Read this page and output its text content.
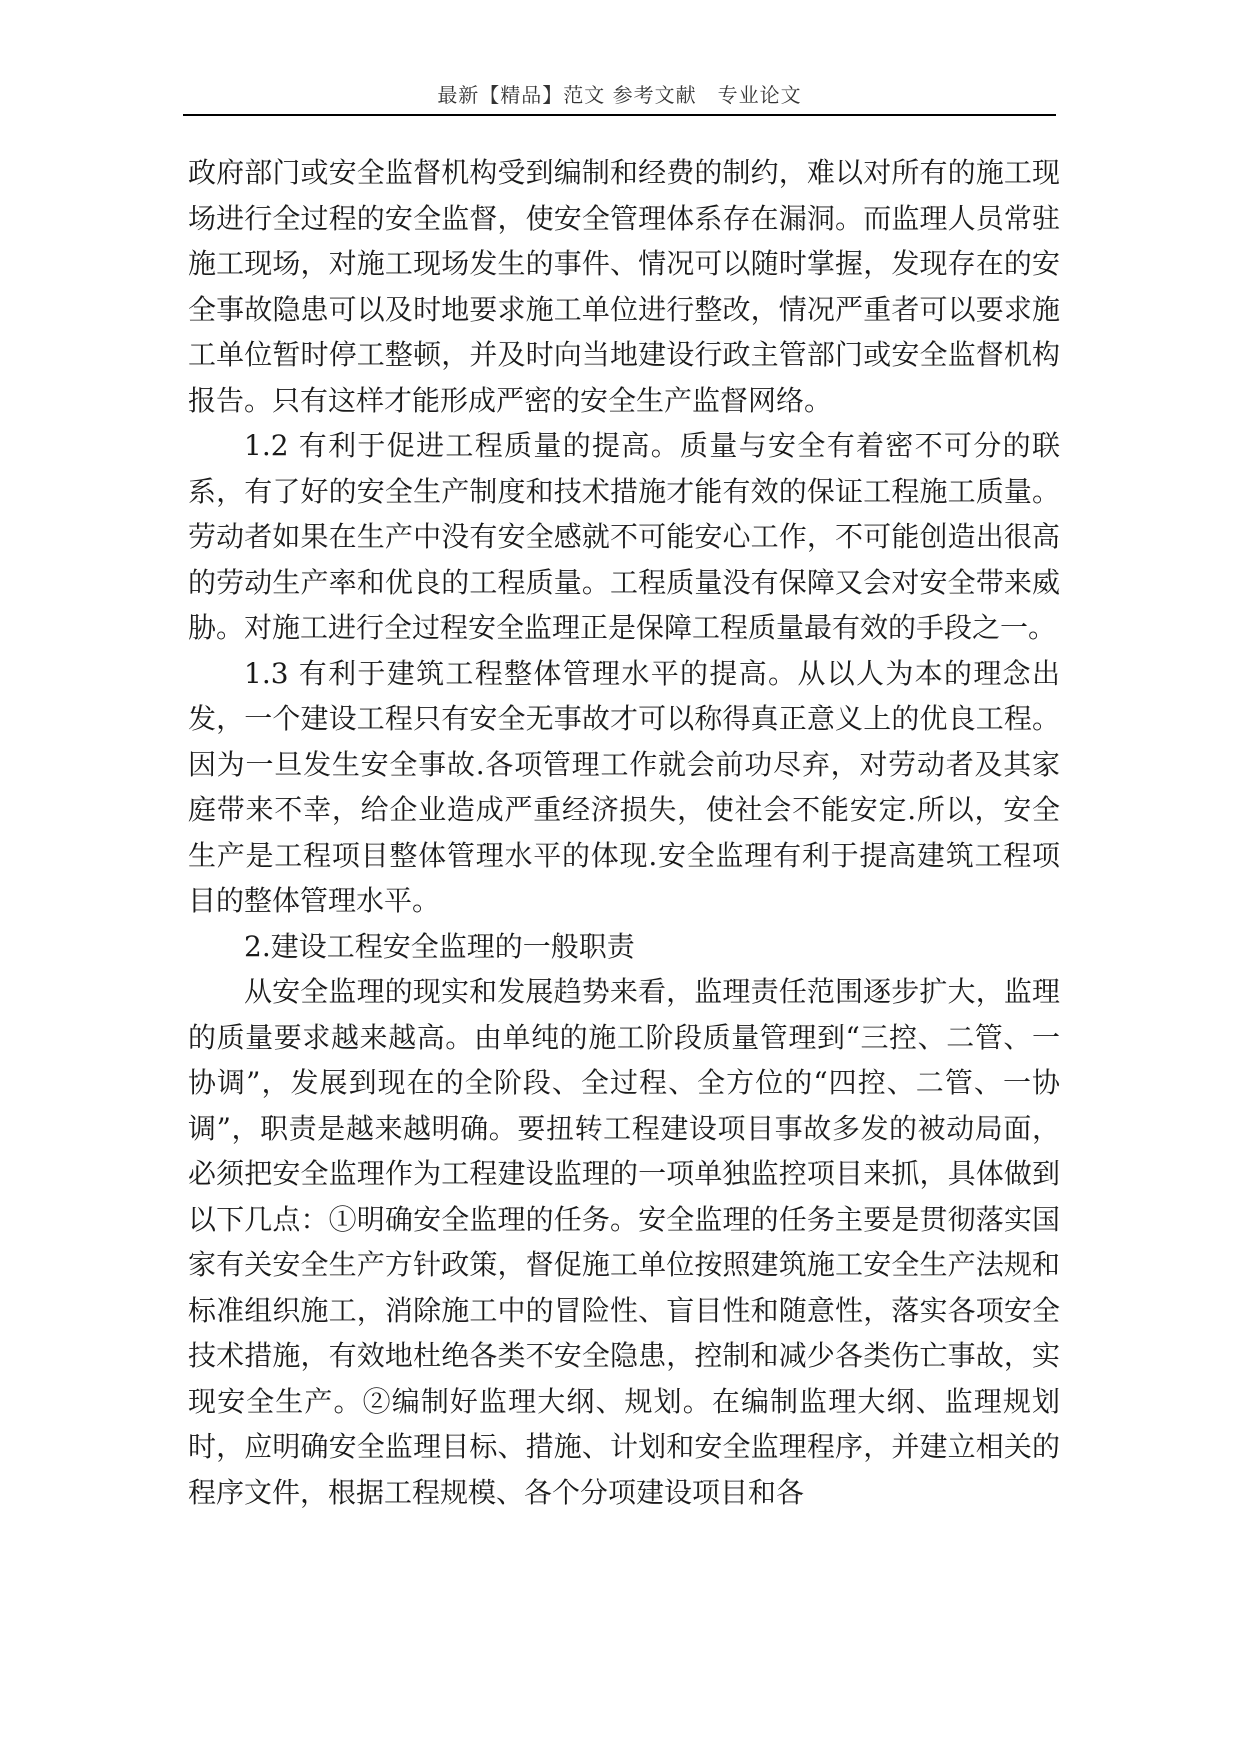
最新【精品】范文 参考文献　专业论文

政府部门或安全监督机构受到编制和经费的制约，难以对所有的施工现场进行全过程的安全监督，使安全管理体系存在漏洞。而监理人员常驻施工现场，对施工现场发生的事件、情况可以随时掌握，发现存在的安全事故隐患可以及时地要求施工单位进行整改，情况严重者可以要求施工单位暂时停工整顿，并及时向当地建设行政主管部门或安全监督机构报告。只有这样才能形成严密的安全生产监督网络。

1.2 有利于促进工程质量的提高。质量与安全有着密不可分的联系，有了好的安全生产制度和技术措施才能有效的保证工程施工质量。劳动者如果在生产中没有安全感就不可能安心工作，不可能创造出很高的劳动生产率和优良的工程质量。工程质量没有保障又会对安全带来威胁。对施工进行全过程安全监理正是保障工程质量最有效的手段之一。

1.3 有利于建筑工程整体管理水平的提高。从以人为本的理念出发，一个建设工程只有安全无事故才可以称得真正意义上的优良工程。因为一旦发生安全事故.各项管理工作就会前功尽弃，对劳动者及其家庭带来不幸，给企业造成严重经济损失，使社会不能安定.所以，安全生产是工程项目整体管理水平的体现.安全监理有利于提高建筑工程项目的整体管理水平。

2.建设工程安全监理的一般职责

从安全监理的现实和发展趋势来看，监理责任范围逐步扩大，监理的质量要求越来越高。由单纯的施工阶段质量管理到“三控、二管、一协调”，发展到现在的全阶段、全过程、全方位的“四控、二管、一协调”，职责是越来越明确。要扭转工程建设项目事故多发的被动局面，必须把安全监理作为工程建设监理的一项单独监控项目来抓，具体做到以下几点：①明确安全监理的任务。安全监理的任务主要是贯彻落实国家有关安全生产方针政策，督促施工单位按照建筑施工安全生产法规和标准组织施工，消除施工中的冒险性、盲目性和随意性，落实各项安全技术措施，有效地杜绝各类不安全隐患，控制和减少各类伤亡事故，实现安全生产。②编制好监理大纲、规划。在编制监理大纲、监理规划时，应明确安全监理目标、措施、计划和安全监理程序，并建立相关的程序文件，根据工程规模、各个分项建设项目和各
